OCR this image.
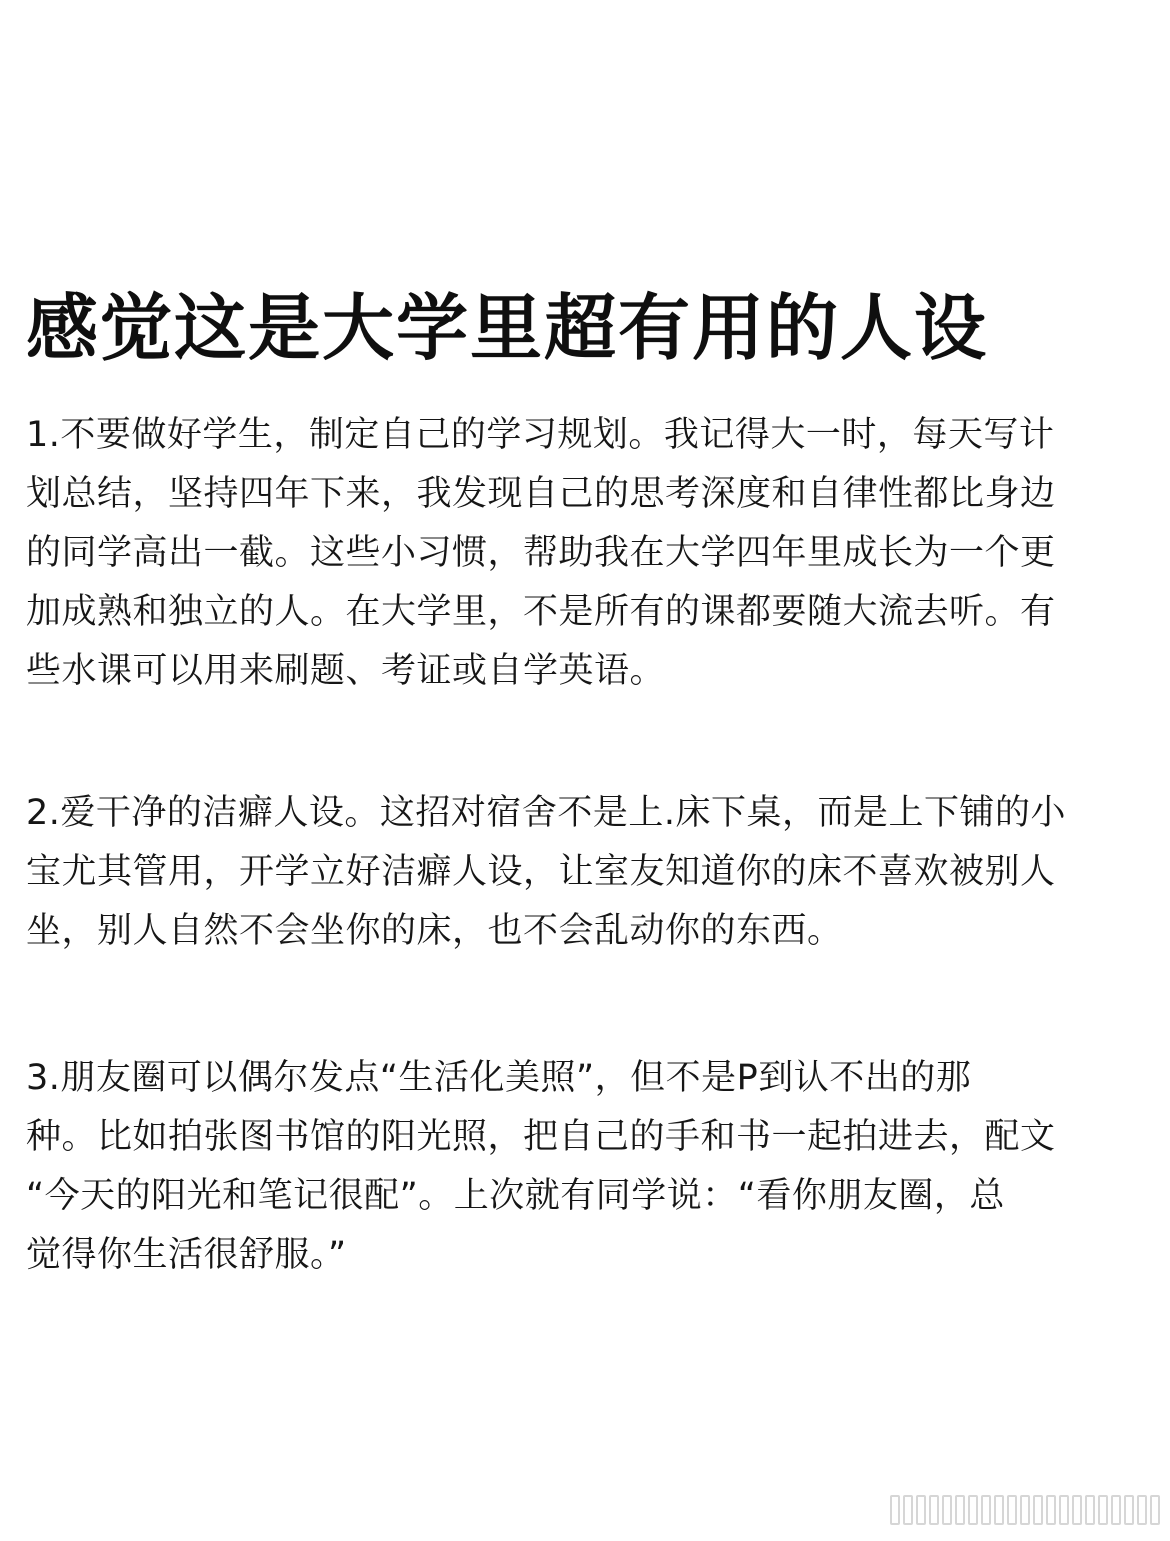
感觉这是大学里超有用的人设
1.不要做好学生，制定自己的学习规划。我记得大一时，每天写计
划总结，坚持四年下来，我发现自己的思考深度和自律性都比身边
的同学高出一截。这些小习惯，帮助我在大学四年里成长为一个更
加成熟和独立的人。在大学里，不是所有的课都要随大流去听。有
些水课可以用来刷题、考证或自学英语。
2.爱干净的洁癖人设。这招对宿舍不是上.床下桌，而是上下铺的小
宝尤其管用，开学立好洁癖人设，让室友知道你的床不喜欢被别人
坐，别人自然不会坐你的床，也不会乱动你的东西。
3.朋友圈可以偶尔发点“生活化美照”，但不是P到认不出的那
种。比如拍张图书馆的阳光照，把自己的手和书一起拍进去，配文
“今天的阳光和笔记很配”。上次就有同学说：“看你朋友圈，总
觉得你生活很舒服。”
